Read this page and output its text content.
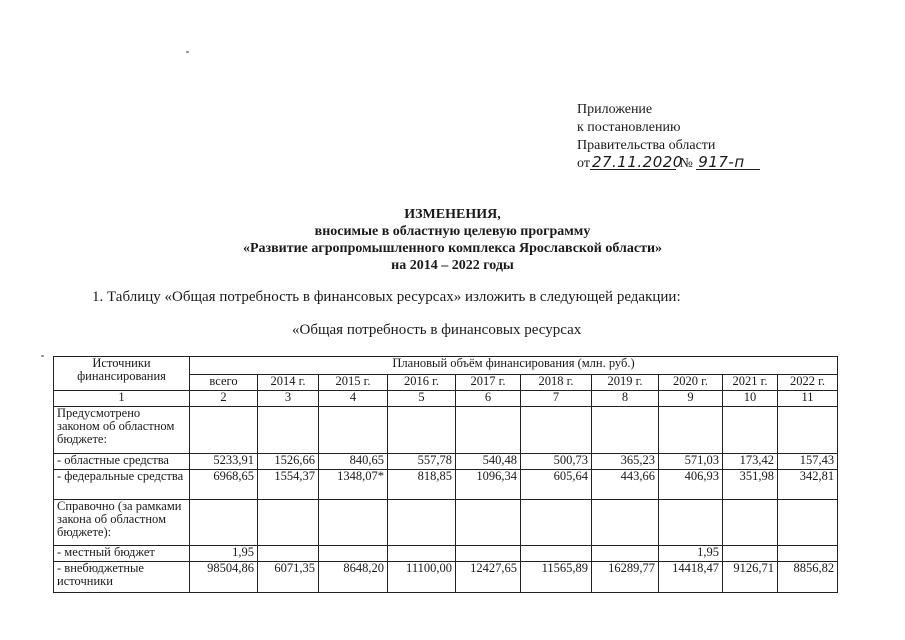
Приложение
к постановлению
Правительства области
от 27.11.2020 № 917-п
ИЗМЕНЕНИЯ,
вносимые в областную целевую программу
«Развитие агропромышленного комплекса Ярославской области»
на 2014 – 2022 годы
1. Таблицу «Общая потребность в финансовых ресурсах» изложить в следующей редакции:
«Общая потребность в финансовых ресурсах
Источники финансирования	Плановый объём финансирования (млн. руб.)									
	всего	2014 г.	2015 г.	2016 г.	2017 г.	2018 г.	2019 г.	2020 г.	2021 г.	2022 г.
1	2	3	4	5	6	7	8	9	10	11
Предусмотрено законом об областном бюджете:										
- областные средства	5233,91	1526,66	840,65	557,78	540,48	500,73	365,23	571,03	173,42	157,43
- федеральные средства	6968,65	1554,37	1348,07*	818,85	1096,34	605,64	443,66	406,93	351,98	342,81
Справочно (за рамками закона об областном бюджете):										
- местный бюджет	1,95							1,95		
- внебюджетные источники	98504,86	6071,35	8648,20	11100,00	12427,65	11565,89	16289,77	14418,47	9126,71	8856,82
